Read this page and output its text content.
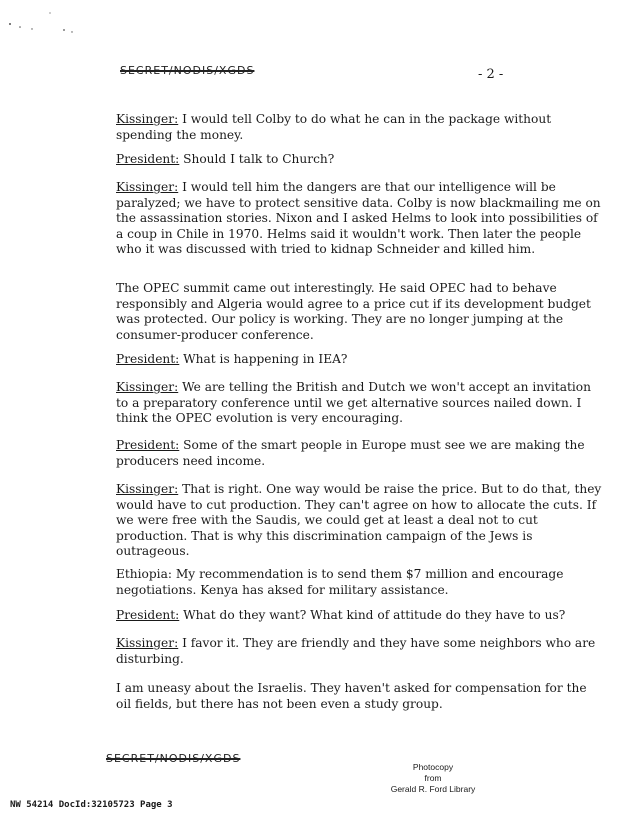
SECRET/NODIS/XGDS	- 2 -

Kissinger: I would tell Colby to do what he can in the package without spending the money.

President: Should I talk to Church?

Kissinger: I would tell him the dangers are that our intelligence will be paralyzed; we have to protect sensitive data. Colby is now blackmailing me on the assassination stories. Nixon and I asked Helms to look into possibilities of a coup in Chile in 1970. Helms said it wouldn't work. Then later the people who it was discussed with tried to kidnap Schneider and killed him.

The OPEC summit came out interestingly. He said OPEC had to behave responsibly and Algeria would agree to a price cut if its development budget was protected. Our policy is working. They are no longer jumping at the consumer-producer conference.

President: What is happening in IEA?

Kissinger: We are telling the British and Dutch we won't accept an invitation to a preparatory conference until we get alternative sources nailed down. I think the OPEC evolution is very encouraging.

President: Some of the smart people in Europe must see we are making the producers need income.

Kissinger: That is right. One way would be raise the price. But to do that, they would have to cut production. They can't agree on how to allocate the cuts. If we were free with the Saudis, we could get at least a deal not to cut production. That is why this discrimination campaign of the Jews is outrageous.

Ethiopia: My recommendation is to send them $7 million and encourage negotiations. Kenya has aksed for military assistance.

President: What do they want? What kind of attitude do they have to us?

Kissinger: I favor it. They are friendly and they have some neighbors who are disturbing.

I am uneasy about the Israelis. They haven't asked for compensation for the oil fields, but there has not been even a study group.

SECRET/NODIS/XGDS
Photocopy
from
Gerald R. Ford Library
NW 54214 DocId:32105723 Page 3
